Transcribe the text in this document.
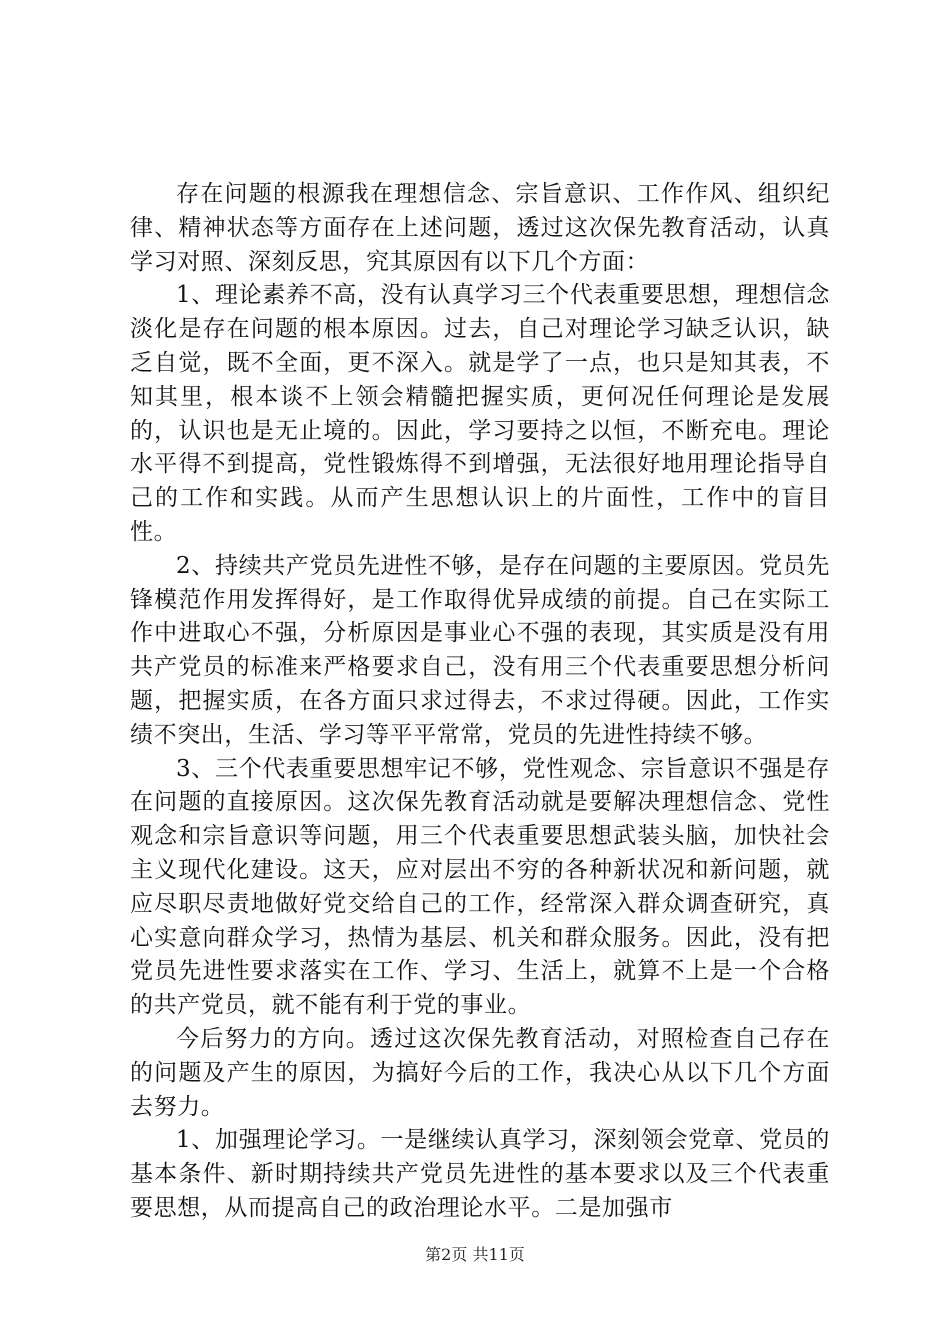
存在问题的根源我在理想信念、宗旨意识、工作作风、组织纪律、精神状态等方面存在上述问题，透过这次保先教育活动，认真学习对照、深刻反思，究其原因有以下几个方面：

1、理论素养不高，没有认真学习三个代表重要思想，理想信念淡化是存在问题的根本原因。过去，自己对理论学习缺乏认识，缺乏自觉，既不全面，更不深入。就是学了一点，也只是知其表，不知其里，根本谈不上领会精髓把握实质，更何况任何理论是发展的，认识也是无止境的。因此，学习要持之以恒，不断充电。理论水平得不到提高，党性锻炼得不到增强，无法很好地用理论指导自己的工作和实践。从而产生思想认识上的片面性，工作中的盲目性。

2、持续共产党员先进性不够，是存在问题的主要原因。党员先锋模范作用发挥得好，是工作取得优异成绩的前提。自己在实际工作中进取心不强，分析原因是事业心不强的表现，其实质是没有用共产党员的标准来严格要求自己，没有用三个代表重要思想分析问题，把握实质，在各方面只求过得去，不求过得硬。因此，工作实绩不突出，生活、学习等平平常常，党员的先进性持续不够。

3、三个代表重要思想牢记不够，党性观念、宗旨意识不强是存在问题的直接原因。这次保先教育活动就是要解决理想信念、党性观念和宗旨意识等问题，用三个代表重要思想武装头脑，加快社会主义现代化建设。这天，应对层出不穷的各种新状况和新问题，就应尽职尽责地做好党交给自己的工作，经常深入群众调查研究，真心实意向群众学习，热情为基层、机关和群众服务。因此，没有把党员先进性要求落实在工作、学习、生活上，就算不上是一个合格的共产党员，就不能有利于党的事业。

今后努力的方向。透过这次保先教育活动，对照检查自己存在的问题及产生的原因，为搞好今后的工作，我决心从以下几个方面去努力。

1、加强理论学习。一是继续认真学习，深刻领会党章、党员的基本条件、新时期持续共产党员先进性的基本要求以及三个代表重要思想，从而提高自己的政治理论水平。二是加强市

第2页 共11页
